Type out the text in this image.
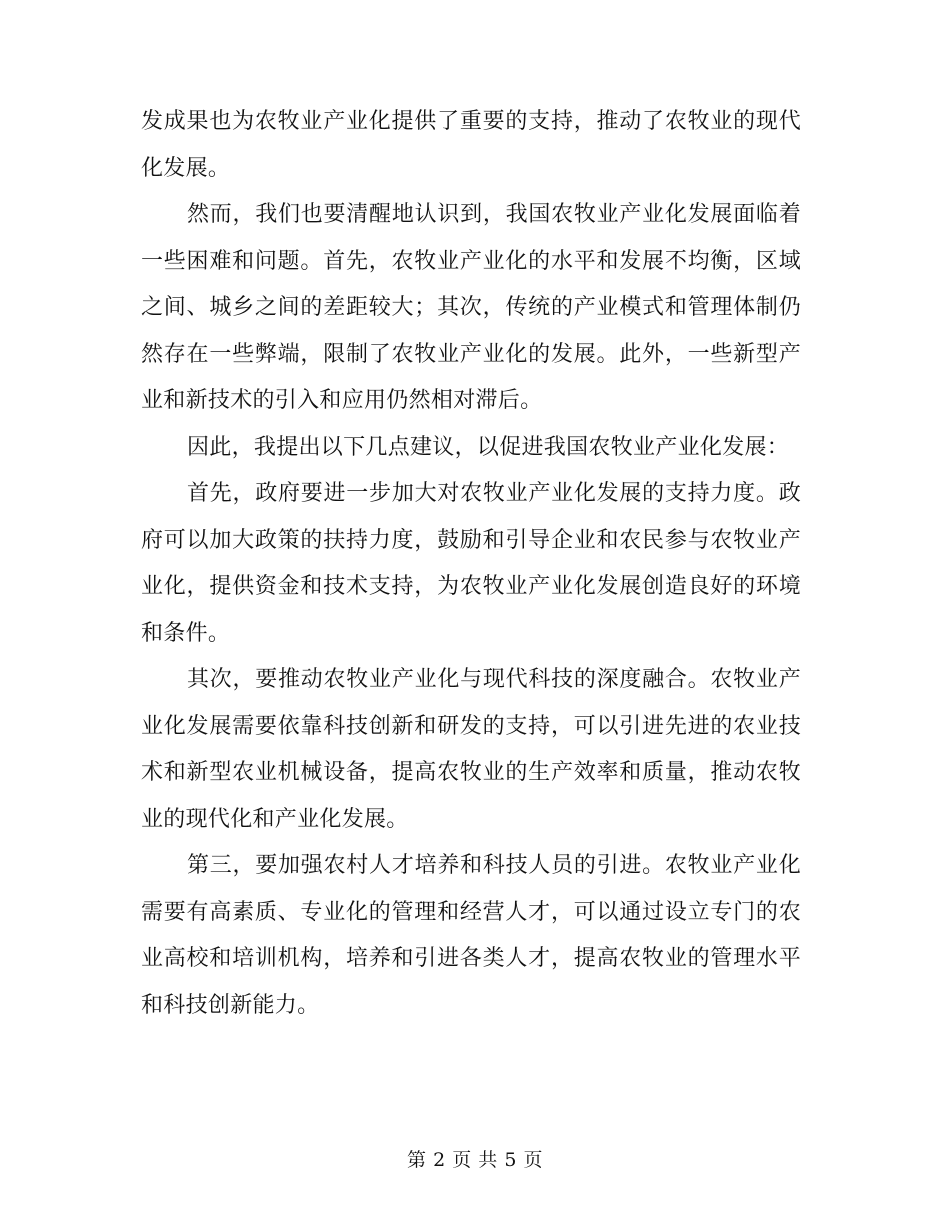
发成果也为农牧业产业化提供了重要的支持，推动了农牧业的现代化发展。

然而，我们也要清醒地认识到，我国农牧业产业化发展面临着一些困难和问题。首先，农牧业产业化的水平和发展不均衡，区域之间、城乡之间的差距较大；其次，传统的产业模式和管理体制仍然存在一些弊端，限制了农牧业产业化的发展。此外，一些新型产业和新技术的引入和应用仍然相对滞后。

因此，我提出以下几点建议，以促进我国农牧业产业化发展：

首先，政府要进一步加大对农牧业产业化发展的支持力度。政府可以加大政策的扶持力度，鼓励和引导企业和农民参与农牧业产业化，提供资金和技术支持，为农牧业产业化发展创造良好的环境和条件。

其次，要推动农牧业产业化与现代科技的深度融合。农牧业产业化发展需要依靠科技创新和研发的支持，可以引进先进的农业技术和新型农业机械设备，提高农牧业的生产效率和质量，推动农牧业的现代化和产业化发展。

第三，要加强农村人才培养和科技人员的引进。农牧业产业化需要有高素质、专业化的管理和经营人才，可以通过设立专门的农业高校和培训机构，培养和引进各类人才，提高农牧业的管理水平和科技创新能力。

第 2 页 共 5 页
